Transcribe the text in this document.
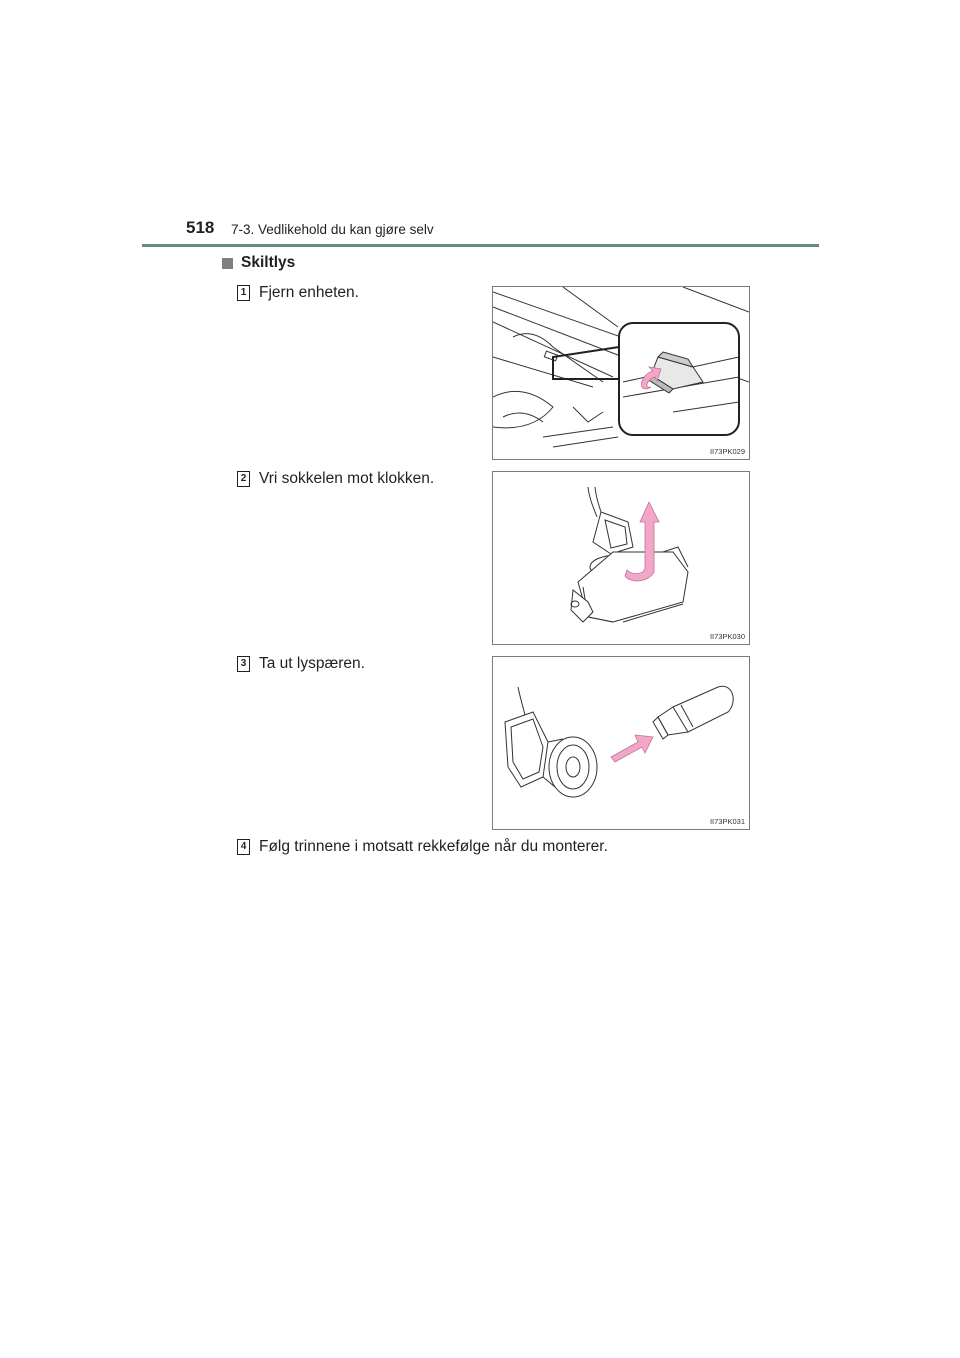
518 7-3. Vedlikehold du kan gjøre selv
Skiltlys
1 Fjern enheten.
II73PK029
2 Vri sokkelen mot klokken.
II73PK030
3 Ta ut lyspæren.
II73PK031
4 Følg trinnene i motsatt rekkefølge når du monterer.
